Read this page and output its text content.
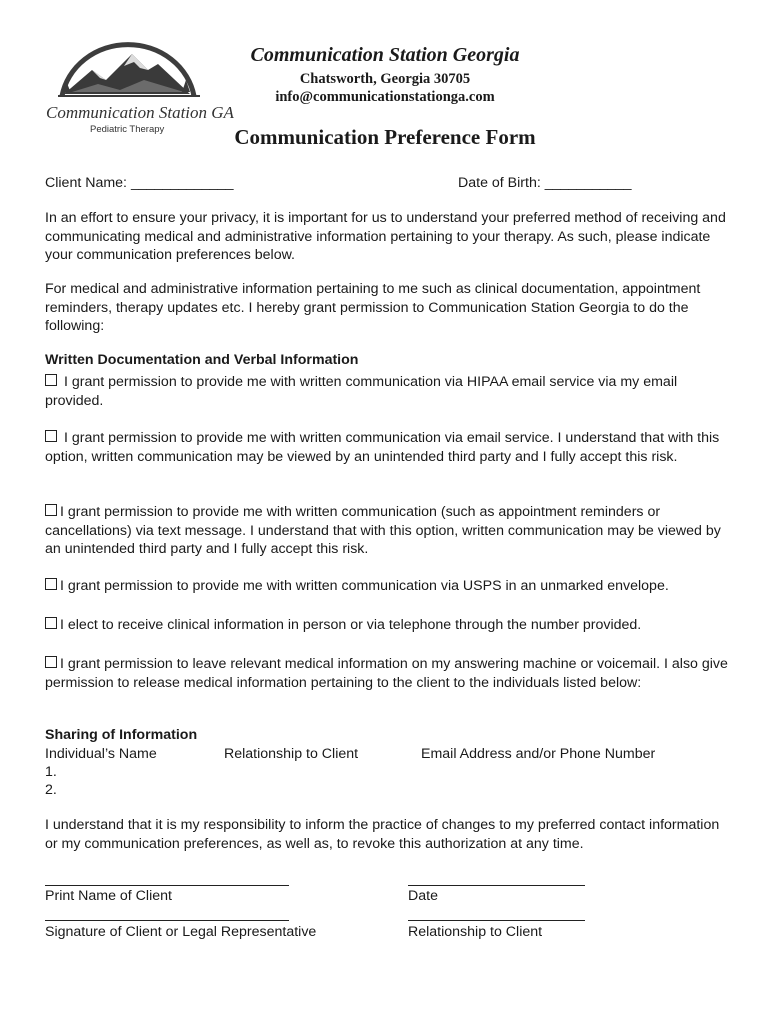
Communication Station GA
Pediatric Therapy
Communication Station Georgia
Chatsworth, Georgia 30705
info@communicationstationga.com
Communication Preference Form
Client Name: _____________	Date of Birth: ___________
In an effort to ensure your privacy, it is important for us to understand your preferred method of receiving and communicating medical and administrative information pertaining to your therapy. As such, please indicate your communication preferences below.
For medical and administrative information pertaining to me such as clinical documentation, appointment reminders, therapy updates etc. I hereby grant permission to Communication Station Georgia to do the following:
Written Documentation and Verbal Information
I grant permission to provide me with written communication via HIPAA email service via my email provided.
I grant permission to provide me with written communication via email service. I understand that with this option, written communication may be viewed by an unintended third party and I fully accept this risk.
I grant permission to provide me with written communication (such as appointment reminders or cancellations) via text message. I understand that with this option, written communication may be viewed by an unintended third party and I fully accept this risk.
I grant permission to provide me with written communication via USPS in an unmarked envelope.
I elect to receive clinical information in person or via telephone through the number provided.
I grant permission to leave relevant medical information on my answering machine or voicemail. I also give permission to release medical information pertaining to the client to the individuals listed below:
Sharing of Information
Individual’s Name	Relationship to Client	Email Address and/or Phone Number
1.
2.
I understand that it is my responsibility to inform the practice of changes to my preferred contact information or my communication preferences, as well as, to revoke this authorization at any time.
Print Name of Client	Date
Signature of Client or Legal Representative	Relationship to Client
